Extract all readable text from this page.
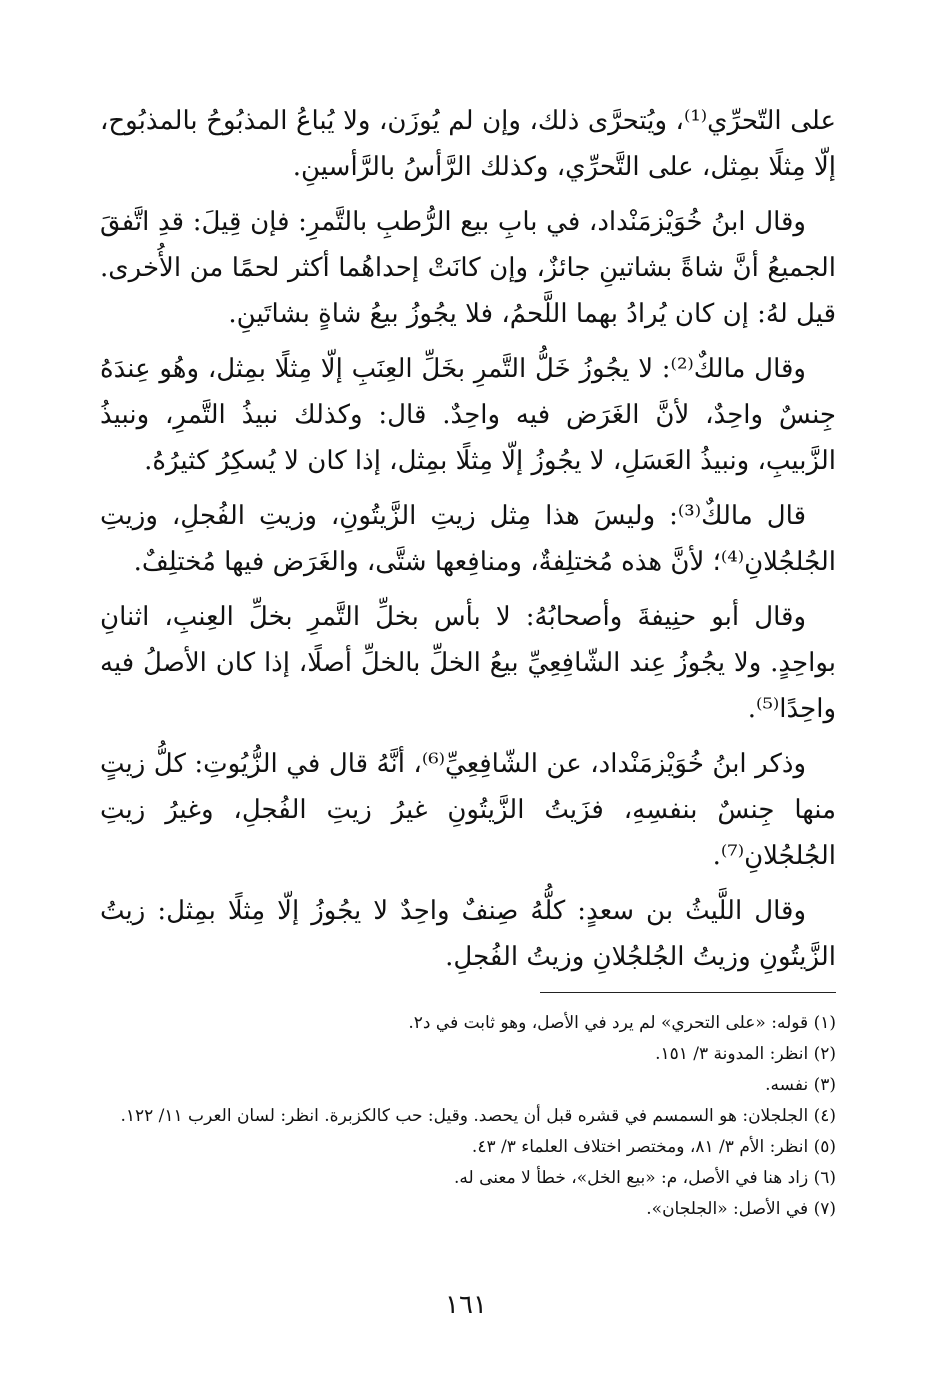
على التّحرِّي⁽¹⁾، ويُتحرَّى ذلك، وإن لم يُوزَن، ولا يُباعُ المذبُوحُ بالمذبُوح، إلّا مِثلًا بمِثل، على التَّحرِّي، وكذلك الرَّأسُ بالرَّأسينِ.

وقال ابنُ خُوَيْزمَنْداد، في بابِ بيع الرُّطبِ بالتَّمرِ: فإن قِيلَ: قدِ اتَّفقَ الجميعُ أنَّ شاةً بشاتينِ جائزٌ، وإن كانَتْ إحداهُما أكثر لحمًا من الأُخرى. قيل لهُ: إن كان يُرادُ بهما اللَّحمُ، فلا يجُوزُ بيعُ شاةٍ بشاتَينِ.

وقال مالكٌ⁽²⁾: لا يجُوزُ خَلُّ التَّمرِ بخَلِّ العِنَبِ إلّا مِثلًا بمِثل، وهُو عِندَهُ جِنسٌ واحِدٌ، لأنَّ الغَرَض فيه واحِدٌ. قال: وكذلك نبيذُ التَّمرِ، ونبيذُ الزَّبيبِ، ونبيذُ العَسَلِ، لا يجُوزُ إلّا مِثلًا بمِثل، إذا كان لا يُسكِرُ كثيرُهُ.

قال مالكٌ⁽³⁾: وليسَ هذا مِثل زيتِ الزَّيتُونِ، وزيتِ الفُجلِ، وزيتِ الجُلجُلانِ⁽⁴⁾؛ لأنَّ هذه مُختلِفةٌ، ومنافِعها شتَّى، والغَرَض فيها مُختلِفٌ.

وقال أبو حنِيفةَ وأصحابُهُ: لا بأس بخلِّ التَّمرِ بخلِّ العِنبِ، اثنانِ بواحِدٍ. ولا يجُوزُ عِند الشّافِعِيِّ بيعُ الخلِّ بالخلِّ أصلًا، إذا كان الأصلُ فيه واحِدًا⁽⁵⁾.

وذكر ابنُ خُوَيْزمَنْداد، عن الشّافِعِيِّ⁽⁶⁾، أنَّهُ قال في الزُّيُوتِ: كلُّ زيتٍ منها جِنسٌ بنفسِهِ، فزَيتُ الزَّيتُونِ غيرُ زيتِ الفُجلِ، وغيرُ زيتِ الجُلجُلانِ⁽⁷⁾.

وقال اللَّيثُ بن سعدٍ: كلُّهُ صِنفٌ واحِدٌ لا يجُوزُ إلّا مِثلًا بمِثل: زيتُ الزَّيتُونِ وزيتُ الجُلجُلانِ وزيتُ الفُجلِ.

(١) قوله: «على التحري» لم يرد في الأصل، وهو ثابت في د٢.
(٢) انظر: المدونة ٣/ ١٥١.
(٣) نفسه.
(٤) الجلجلان: هو السمسم في قشره قبل أن يحصد. وقيل: حب كالكزبرة. انظر: لسان العرب ١١/ ١٢٢.
(٥) انظر: الأم ٣/ ٨١، ومختصر اختلاف العلماء ٣/ ٤٣.
(٦) زاد هنا في الأصل، م: «بيع الخل»، خطأ لا معنى له.
(٧) في الأصل: «الجلجان».
١٦١
